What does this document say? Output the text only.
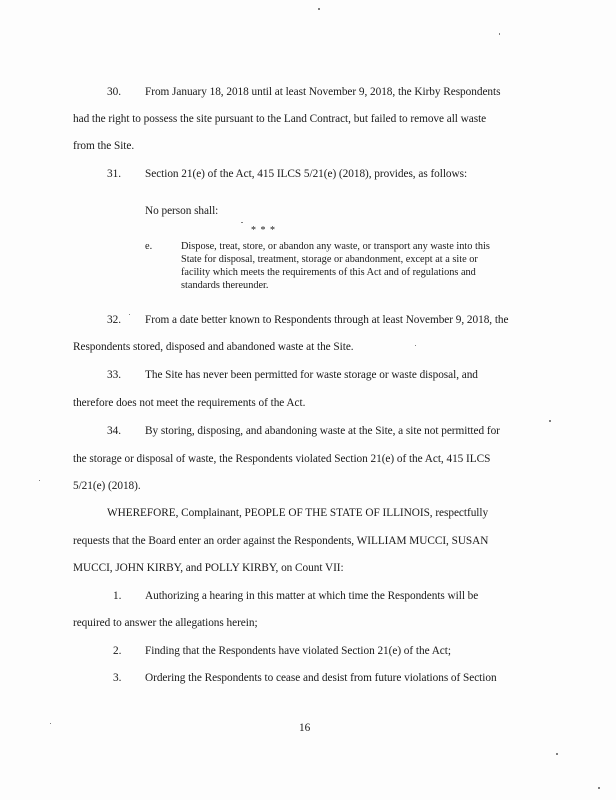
30. From January 18, 2018 until at least November 9, 2018, the Kirby Respondents
had the right to possess the site pursuant to the Land Contract, but failed to remove all waste
from the Site.
31. Section 21(e) of the Act, 415 ILCS 5/21(e) (2018), provides, as follows:
No person shall:
* * *
e.	Dispose, treat, store, or abandon any waste, or transport any waste into this
State for disposal, treatment, storage or abandonment, except at a site or
facility which meets the requirements of this Act and of regulations and
standards thereunder.
32. From a date better known to Respondents through at least November 9, 2018, the
Respondents stored, disposed and abandoned waste at the Site.
33. The Site has never been permitted for waste storage or waste disposal, and
therefore does not meet the requirements of the Act.
34. By storing, disposing, and abandoning waste at the Site, a site not permitted for
the storage or disposal of waste, the Respondents violated Section 21(e) of the Act, 415 ILCS
5/21(e) (2018).
WHEREFORE, Complainant, PEOPLE OF THE STATE OF ILLINOIS, respectfully
requests that the Board enter an order against the Respondents, WILLIAM MUCCI, SUSAN
MUCCI, JOHN KIRBY, and POLLY KIRBY, on Count VII:
1. Authorizing a hearing in this matter at which time the Respondents will be
required to answer the allegations herein;
2. Finding that the Respondents have violated Section 21(e) of the Act;
3. Ordering the Respondents to cease and desist from future violations of Section
16
